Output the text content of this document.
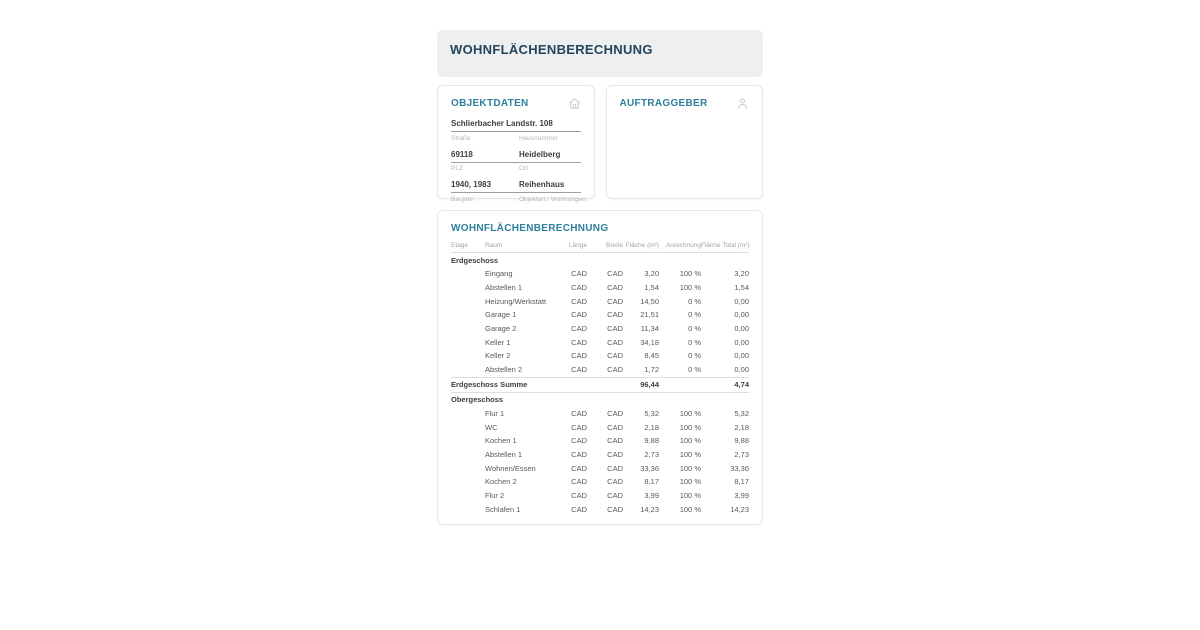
WOHNFLÄCHENBERECHNUNG
OBJEKTDATEN
Schlierbacher Landstr. 108
Straße	Hausnummer
69118	Heidelberg
PLZ	Ort
1940, 1983	Reihenhaus
Baujahr	Objektart / Wohnungen
AUFTRAGGEBER
WOHNFLÄCHENBERECHNUNG
Etage	Raum	Länge	Breite	Fläche (m²)	Anrechnung	Fläche Total (m²)
Erdgeschoss						
	Eingang	CAD	CAD	3,20	100 %	3,20
	Abstellen 1	CAD	CAD	1,54	100 %	1,54
	Heizung/Werkstatt	CAD	CAD	14,50	0 %	0,00
	Garage 1	CAD	CAD	21,51	0 %	0,00
	Garage 2	CAD	CAD	11,34	0 %	0,00
	Keller 1	CAD	CAD	34,18	0 %	0,00
	Keller 2	CAD	CAD	8,45	0 %	0,00
	Abstellen 2	CAD	CAD	1,72	0 %	0,00
Erdgeschoss Summe				96,44		4,74
Obergeschoss						
	Flur 1	CAD	CAD	5,32	100 %	5,32
	WC	CAD	CAD	2,18	100 %	2,18
	Kochen 1	CAD	CAD	9,88	100 %	9,88
	Abstellen 1	CAD	CAD	2,73	100 %	2,73
	Wohnen/Essen	CAD	CAD	33,36	100 %	33,36
	Kochen 2	CAD	CAD	8,17	100 %	8,17
	Flur 2	CAD	CAD	3,99	100 %	3,99
	Schlafen 1	CAD	CAD	14,23	100 %	14,23
